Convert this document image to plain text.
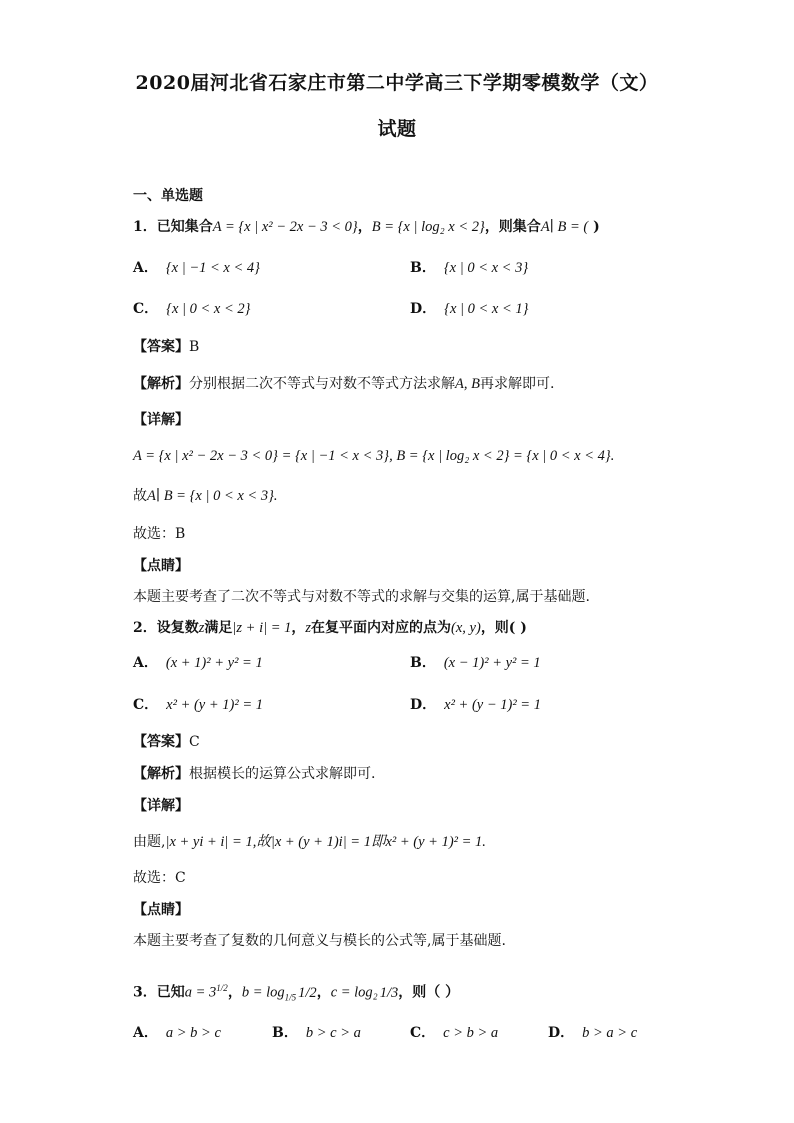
2020届河北省石家庄市第二中学高三下学期零模数学（文）
试题
一、单选题
1．已知集合A = {x | x² − 2x − 3 < 0}，B = {x | log₂ x < 2}，则集合A∣ B = ( )
A． {x | −1 < x < 4}	B． {x | 0 < x < 3}
C． {x | 0 < x < 2}	D． {x | 0 < x < 1}
【答案】B
【解析】分别根据二次不等式与对数不等式方法求解A, B再求解即可.
【详解】
A = {x | x² − 2x − 3 < 0} = {x | −1 < x < 3}, B = {x | log₂ x < 2} = {x | 0 < x < 4}.
故A∣ B = {x | 0 < x < 3}.
故选：B
【点睛】
本题主要考查了二次不等式与对数不等式的求解与交集的运算,属于基础题.
2．设复数z满足|z + i| = 1，z在复平面内对应的点为(x, y)，则( )
A． (x + 1)² + y² = 1	B． (x − 1)² + y² = 1
C． x² + (y + 1)² = 1	D． x² + (y − 1)² = 1
【答案】C
【解析】根据模长的运算公式求解即可.
【详解】
由题,|x + yi + i| = 1,故|x + (y + 1)i| = 1即x² + (y + 1)² = 1.
故选：C
【点睛】
本题主要考查了复数的几何意义与模长的公式等,属于基础题.
3．已知$a = 3^{1/2}$，$b = \log_{1/5} 1/2$，c = log₂ 1/3，则（ ）
A． a > b > c	B． b > c > a	C． c > b > a	D． b > a > c
